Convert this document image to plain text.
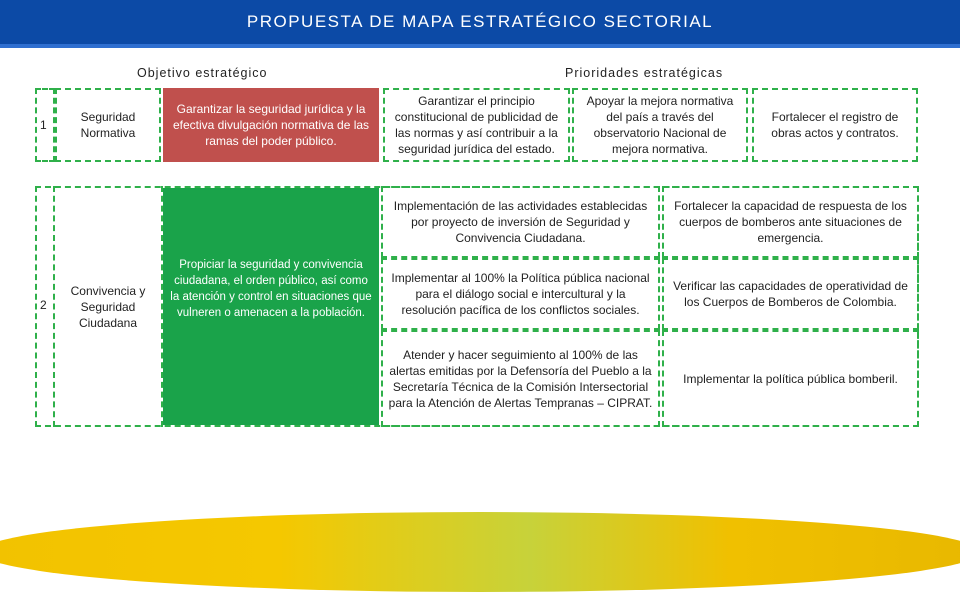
PROPUESTA DE MAPA ESTRATÉGICO SECTORIAL
Objetivo estratégico	Prioridades estratégicas
1
Seguridad Normativa
Garantizar la seguridad jurídica y la efectiva divulgación normativa de las ramas del poder público.
Garantizar el principio constitucional de publicidad de las normas y así contribuir a la seguridad jurídica del estado.
Apoyar la mejora normativa del país a través del observatorio Nacional de mejora normativa.
Fortalecer el registro de obras actos y contratos.
2
Convivencia y Seguridad Ciudadana
Propiciar la seguridad y convivencia ciudadana, el orden público, así como la atención y control en situaciones que vulneren o amenacen a la población.
Implementación de las actividades establecidas por proyecto de inversión de Seguridad y Convivencia Ciudadana.
Implementar al 100% la Política pública nacional para el diálogo social e intercultural y la resolución pacífica de los conflictos sociales.
Atender y hacer seguimiento al 100% de las alertas emitidas por la Defensoría del Pueblo a la Secretaría Técnica de la Comisión Intersectorial para la Atención de Alertas Tempranas – CIPRAT.
Fortalecer la capacidad de respuesta de los cuerpos de bomberos ante situaciones de emergencia.
Verificar las capacidades de operatividad de los Cuerpos de Bomberos de Colombia.
Implementar la política pública bomberil.
